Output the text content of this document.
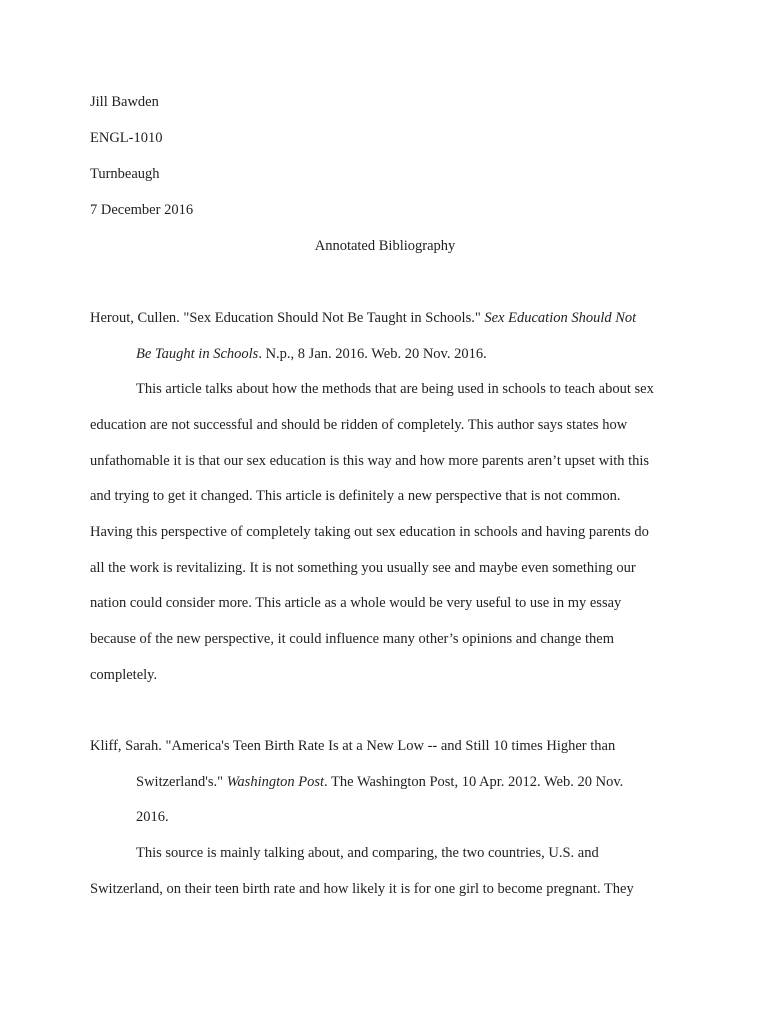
Jill Bawden
ENGL-1010
Turnbeaugh
7 December 2016
Annotated Bibliography
Herout, Cullen. "Sex Education Should Not Be Taught in Schools." Sex Education Should Not
Be Taught in Schools. N.p., 8 Jan. 2016. Web. 20 Nov. 2016.
This article talks about how the methods that are being used in schools to teach about sex
education are not successful and should be ridden of completely. This author says states how
unfathomable it is that our sex education is this way and how more parents aren’t upset with this
and trying to get it changed. This article is definitely a new perspective that is not common.
Having this perspective of completely taking out sex education in schools and having parents do
all the work is revitalizing. It is not something you usually see and maybe even something our
nation could consider more. This article as a whole would be very useful to use in my essay
because of the new perspective, it could influence many other’s opinions and change them
completely.
Kliff, Sarah. "America's Teen Birth Rate Is at a New Low -- and Still 10 times Higher than
Switzerland's." Washington Post. The Washington Post, 10 Apr. 2012. Web. 20 Nov.
2016.
This source is mainly talking about, and comparing, the two countries, U.S. and
Switzerland, on their teen birth rate and how likely it is for one girl to become pregnant. They
